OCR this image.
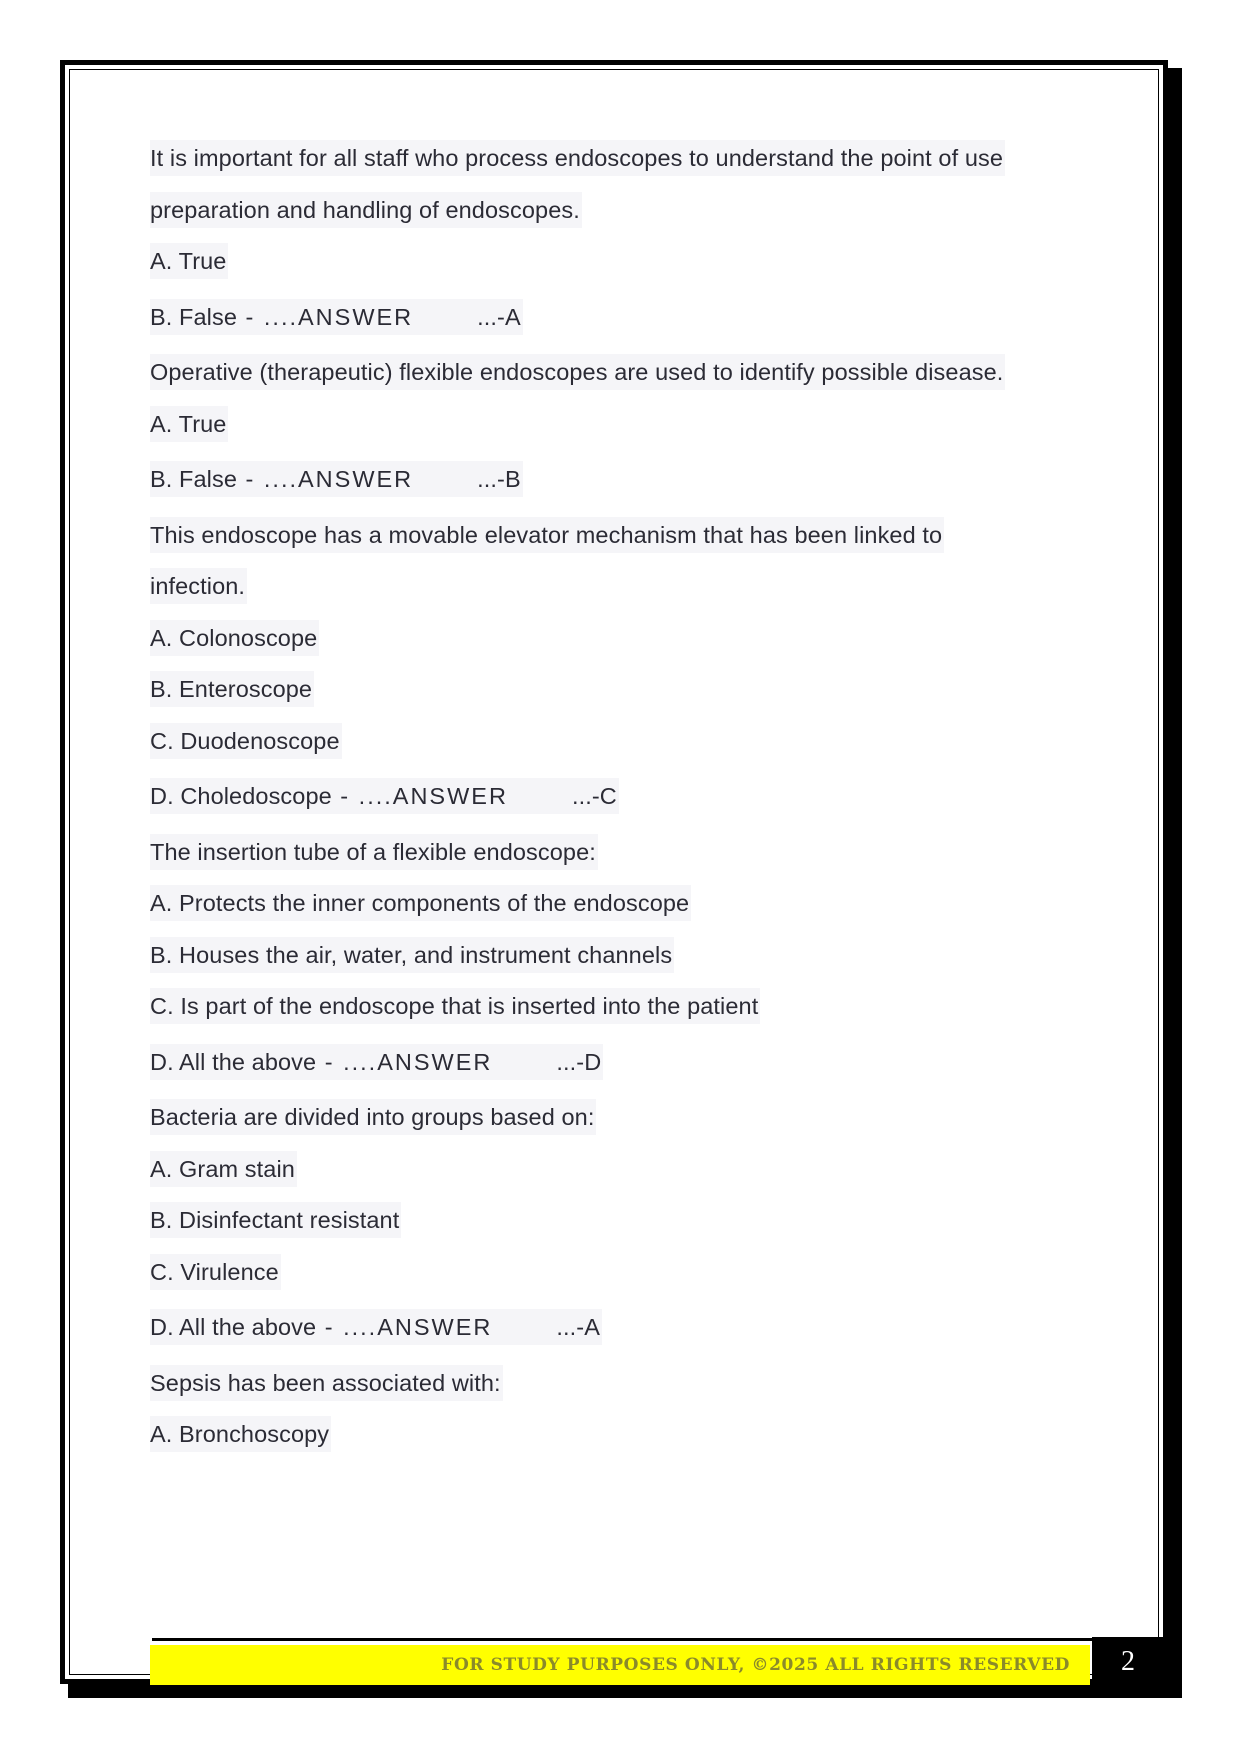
It is important for all staff who process endoscopes to understand the point of use
preparation and handling of endoscopes.
A. True
B. False - ....ANSWER	...-A
Operative (therapeutic) flexible endoscopes are used to identify possible disease.
A. True
B. False - ....ANSWER	...-B
This endoscope has a movable elevator mechanism that has been linked to
infection.
A. Colonoscope
B. Enteroscope
C. Duodenoscope
D. Choledoscope - ....ANSWER	...-C
The insertion tube of a flexible endoscope:
A. Protects the inner components of the endoscope
B. Houses the air, water, and instrument channels
C. Is part of the endoscope that is inserted into the patient
D. All the above - ....ANSWER	...-D
Bacteria are divided into groups based on:
A. Gram stain
B. Disinfectant resistant
C. Virulence
D. All the above - ....ANSWER	...-A
Sepsis has been associated with:
A. Bronchoscopy
FOR STUDY PURPOSES ONLY, ©2025 ALL RIGHTS RESERVED	2
